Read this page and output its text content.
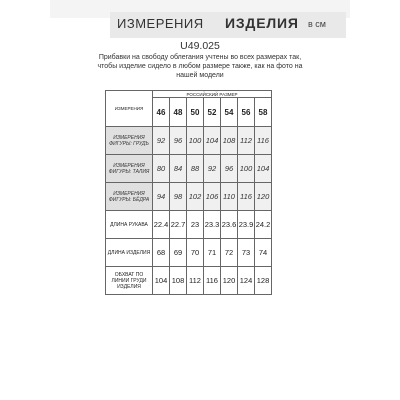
ИЗМЕРЕНИЯ ИЗДЕЛИЯ в см
U49.025
Прибавки на свободу облегания учтены во всех размерах так, чтобы изделие сидело в любом размере также, как на фото на нашей модели
ИЗМЕРЕНИЯ	РОССИЙСКИЙ РАЗМЕР						
	46	48	50	52	54	56	58
ИЗМЕРЕНИЯ ФИГУРЫ: ГРУДЬ	92	96	100	104	108	112	116
ИЗМЕРЕНИЯ ФИГУРЫ: ТАЛИЯ	80	84	88	92	96	100	104
ИЗМЕРЕНИЯ ФИГУРЫ: БЁДРА	94	98	102	106	110	116	120
ДЛИНА РУКАВА	22.4	22.7	23	23.3	23.6	23.9	24.2
ДЛИНА ИЗДЕЛИЯ	68	69	70	71	72	73	74
ОБХВАТ ПО ЛИНИИ ГРУДИ ИЗДЕЛИЯ	104	108	112	116	120	124	128
